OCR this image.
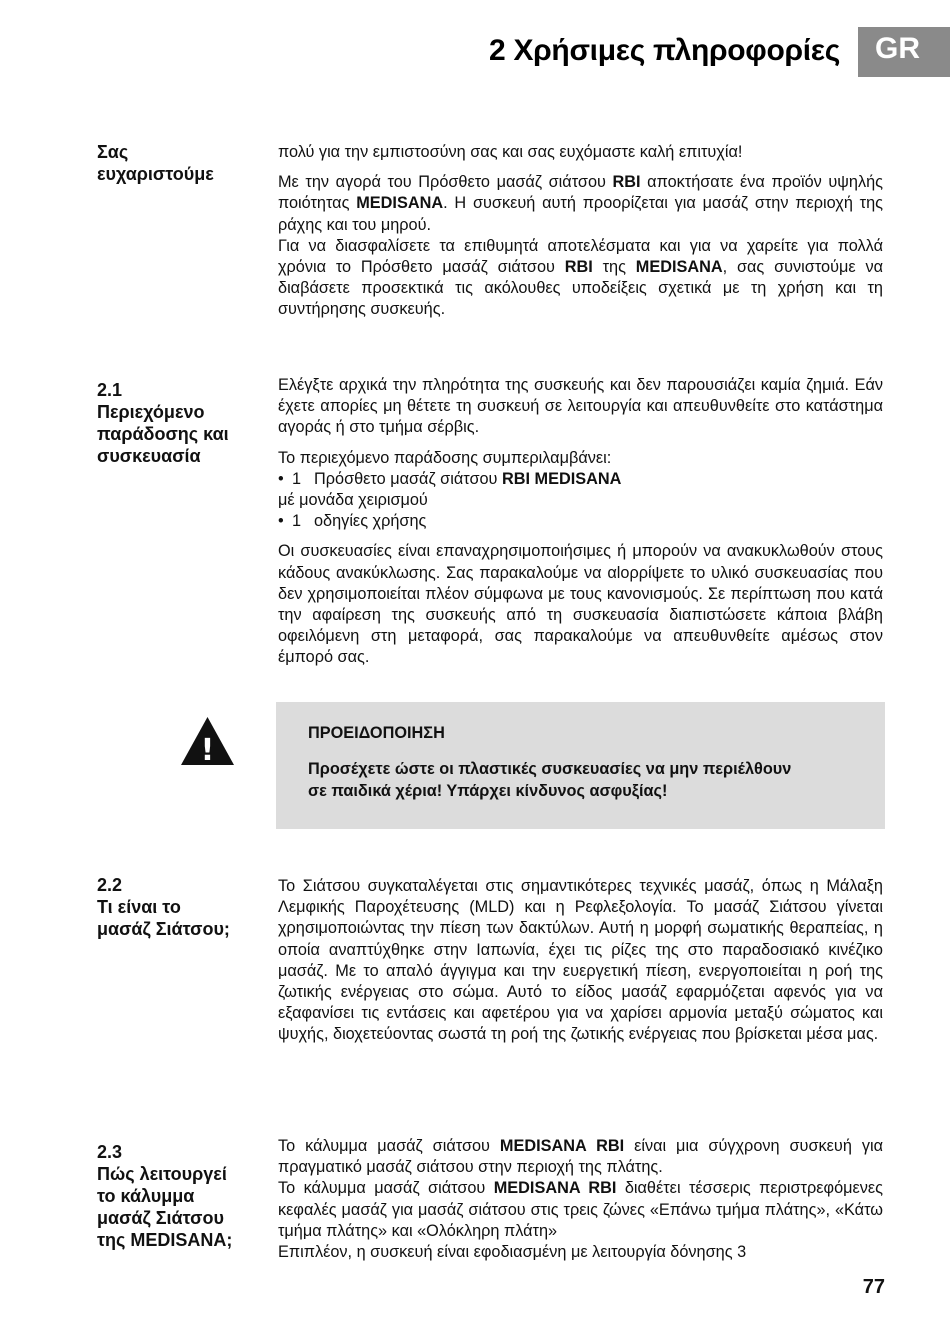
2 Χρήσιμες πληροφορίες	GR
Σας
ευχαριστούμε

πολύ για την εμπιστοσύνη σας και σας ευχόμαστε καλή επιτυχία!

Με την αγορά του Πρόσθετο μασάζ σιάτσου RBI αποκτήσατε ένα προϊόν υψηλής ποιότητας MEDISANA. Η συσκευή αυτή προορίζεται για μασάζ στην περιοχή της ράχης και του μηρού.

Για να διασφαλίσετε τα επιθυμητά αποτελέσματα και για να χαρείτε για πολλά χρόνια το Πρόσθετο μασάζ σιάτσου RBI της MEDISANA, σας συνιστούμε να διαβάσετε προσεκτικά τις ακόλουθες υποδείξεις σχετικά με τη χρήση και τη συντήρησης συσκευής.

2.1
Περιεχόμενο
παράδοσης και
συσκευασία

Ελέγξτε αρχικά την πληρότητα της συσκευής και δεν παρουσιάζει καμία ζημιά. Εάν έχετε απορίες μη θέτετε τη συσκευή σε λειτουργία και απευθυνθείτε στο κατάστημα αγοράς ή στο τμήμα σέρβις.

Το περιεχόμενο παράδοσης συμπεριλαμβάνει:

• 1 Πρόσθετο μασάζ σιάτσου RBI MEDISANA
μέ μονάδα χειρισμού
• 1 οδηγίες χρήσης

Οι συσκευασίες είναι επαναχρησιμοποιήσιμες ή μπορούν να ανακυκλωθούν στους κάδους ανακύκλωσης. Σας παρακαλούμε να αlορρίψετε το υλικό συσκευασίας που δεν χρησιμοποιείται πλέον σύμφωνα με τους κανονισμούς. Σε περίπτωση που κατά την αφαίρεση της συσκευής από τη συσκευασία διαπιστώσετε κάποια βλάβη οφειλόμενη στη μεταφορά, σας παρακαλούμε να απευθυνθείτε αμέσως στον έμπορό σας.

!	ΠΡΟΕΙΔΟΠΟΙΗΣΗ
Προσέχετε ώστε οι πλαστικές συσκευασίες να μην περιέλθουν
σε παιδικά χέρια! Υπάρχει κίνδυνος ασφυξίας!
2.2
Τι είναι το
μασάζ Σιάτσου;

Το Σιάτσου συγκαταλέγεται στις σημαντικότερες τεχνικές μασάζ, όπως η Μάλαξη Λεμφικής Παροχέτευσης (MLD) και η Ρεφλεξολογία. Το μασάζ Σιάτσου γίνεται χρησιμοποιώντας την πίεση των δακτύλων. Αυτή η μορφή σωματικής θεραπείας, η οποία αναπτύχθηκε στην Ιαπωνία, έχει τις ρίζες της στο παραδοσιακό κινέζικο μασάζ. Με το απαλό άγγιγμα και την ευεργετική πίεση, ενεργοποιείται η ροή της ζωτικής ενέργειας στο σώμα. Αυτό το είδος μασάζ εφαρμόζεται αφενός για να εξαφανίσει τις εντάσεις και αφετέρου για να χαρίσει αρμονία μεταξύ σώματος και ψυχής, διοχετεύοντας σωστά τη ροή της ζωτικής ενέργειας που βρίσκεται μέσα μας.

2.3
Πώς λειτουργεί
το κάλυμμα
μασάζ Σιάτσου
της MEDISANA;

Το κάλυμμα μασάζ σιάτσου MEDISANA RBI είναι μια σύγχρονη συσκευή για πραγματικό μασάζ σιάτσου στην περιοχή της πλάτης.

Το κάλυμμα μασάζ σιάτσου MEDISANA RBI διαθέτει τέσσερις περιστρεφόμενες κεφαλές μασάζ για μασάζ σιάτσου στις τρεις ζώνες «Επάνω τμήμα πλάτης», «Κάτω τμήμα πλάτης» και «Ολόκληρη πλάτη»

Επιπλέον, η συσκευή είναι εφοδιασμένη με λειτουργία δόνησης 3

77
